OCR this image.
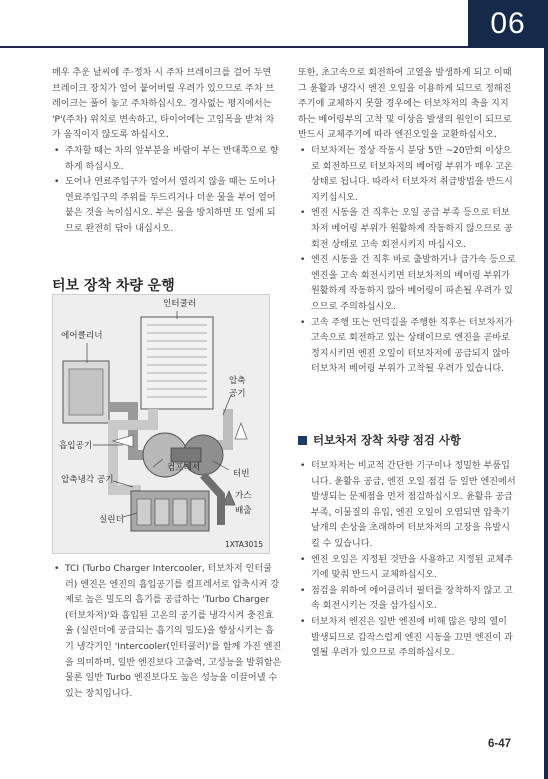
06

매우 추운 날씨에 주·정차 시 주차 브레이크를 걸어 두면 브레이크 장치가 얼어 붙어버릴 우려가 있으므로 주차 브레이크는 풀어 놓고 주차하십시오. 경사없는 평지에서는 'P'(주차) 위치로 변속하고, 타이어에는 고임목을 받쳐 차가 움직이지 않도록 하십시오.

• 주차할 때는 차의 앞부분을 바람이 부는 반대쪽으로 향하게 하십시오.
• 도어나 연료주입구가 얼어서 열리지 않을 때는 도어나 연료주입구의 주위를 두드리거나 더운 물을 부어 얼어붙은 것을 녹이십시오. 부은 물을 방치하면 또 얼게 되므로 완전히 닦아 내십시오.
터보 장착 차량 운행
인터쿨러
에어클리너
압축
공기
흡입공기
컴프레서
압축냉각 공기
터빈
가스
배출
실린더
1XTA3015
• TCI (Turbo Charger Intercooler, 터보차저 인터쿨러) 엔진은 엔진의 흡입공기를 컴프레서로 압축시켜 강제로 높은 밀도의 흡기를 공급하는 'Turbo Charger (터보차저)'와 흡입된 고온의 공기를 냉각시켜 충진효율 (실린더에 공급되는 흡기의 밀도)을 향상시키는 흡기 냉각기인 'Intercooler(인터쿨러)'를 함께 가진 엔진을 의미하며, 일반 엔진보다 고출력, 고성능을 발휘함은 물론 일반 Turbo 엔진보다도 높은 성능을 이끌어낼 수 있는 장치입니다.

또한, 초고속으로 회전하여 고열을 발생하게 되고 이때 그 윤활과 냉각시 엔진 오일을 이용하게 되므로 정해진 주기에 교체하지 못할 경우에는 터보차저의 축을 지지하는 베어링부의 고착 및 이상음 발생의 원인이 되므로 반드시 교체주기에 따라 엔진오일을 교환하십시오.

• 터보차저는 정상 작동시 분당 5만 ~20만회 이상으로 회전하므로 터보차저의 베어링 부위가 매우 고온상태로 됩니다. 따라서 터보차저 취급방법을 반드시 지키십시오.
• 엔진 시동을 건 직후는 오일 공급 부족 등으로 터보차저 베어링 부위가 원활하게 작동하지 않으므로 공회전 상태로 고속 회전시키지 마십시오.
• 엔진 시동을 건 직후 바로 출발하거나 급가속 등으로 엔진을 고속 회전시키면 터보차저의 베어링 부위가 원활하게 작동하지 않아 베어링이 파손될 우려가 있으므로 주의하십시오.
• 고속 주행 또는 언덕길을 주행한 직후는 터보차저가 고속으로 회전하고 있는 상태이므로 엔진을 곧바로 정지시키면 엔진 오일이 터보차저에 공급되지 않아 터보차저 베어링 부위가 고착될 우려가 있습니다.
터보차저 장착 차량 점검 사항
• 터보차저는 비교적 간단한 기구이나 정밀한 부품입니다. 윤활유 공급, 엔진 오일 점검 등 일반 엔진에서 발생되는 문제점을 먼저 점검하십시오. 윤활유 공급 부족, 이물질의 유입, 엔진 오일이 오염되면 압축기 날개의 손상을 초래하여 터보차저의 고장을 유발시킬 수 있습니다.
• 엔진 오일은 지정된 것만을 사용하고 지정된 교체주기에 맞춰 반드시 교체하십시오.
• 점검을 위하여 에어클리너 필터를 장착하지 않고 고속 회전시키는 것을 삼가십시오.
• 터보차저 엔진은 일반 엔진에 비해 많은 양의 열이 발생되므로 갑작스럽게 엔진 시동을 끄면 엔진이 과열될 우려가 있으므로 주의하십시오.
6-47
